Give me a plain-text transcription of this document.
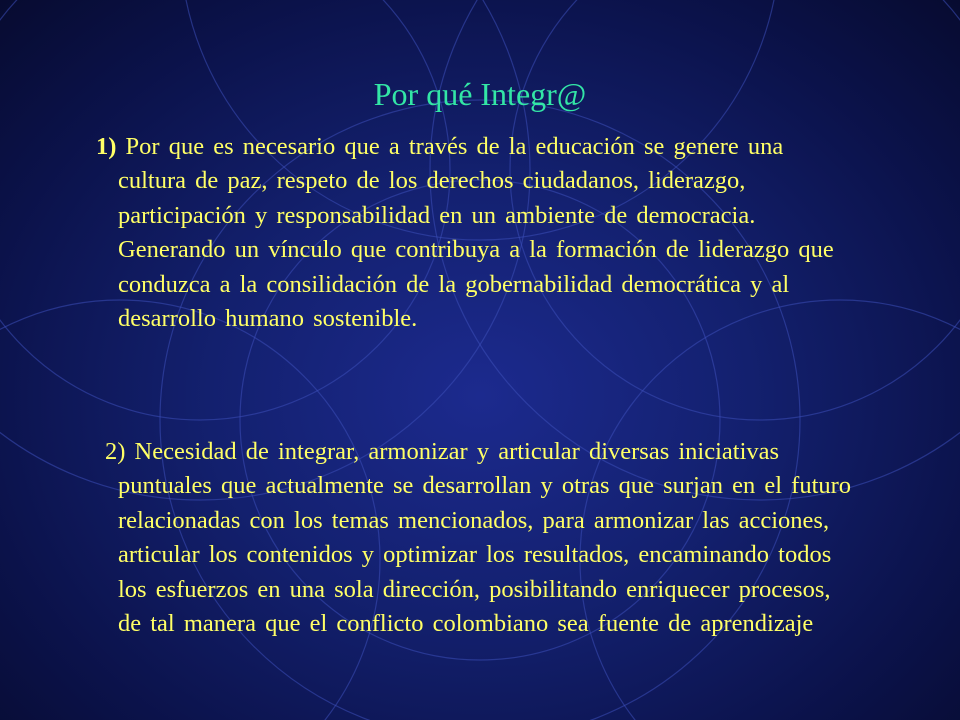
Por qué Integr@

1) Por que es necesario que a través de la educación se genere una cultura de paz, respeto de los derechos ciudadanos, liderazgo, participación y responsabilidad en un ambiente de democracia. Generando un vínculo que contribuya a la formación de liderazgo que conduzca a la consilidación de la gobernabilidad democrática y al desarrollo humano sostenible.

2) Necesidad de integrar, armonizar y articular diversas iniciativas puntuales que actualmente se desarrollan y otras que surjan en el futuro relacionadas con los temas mencionados, para armonizar las acciones, articular los contenidos y optimizar los resultados, encaminando todos los esfuerzos en una sola dirección, posibilitando enriquecer procesos, de tal manera que el conflicto colombiano sea fuente de aprendizaje
